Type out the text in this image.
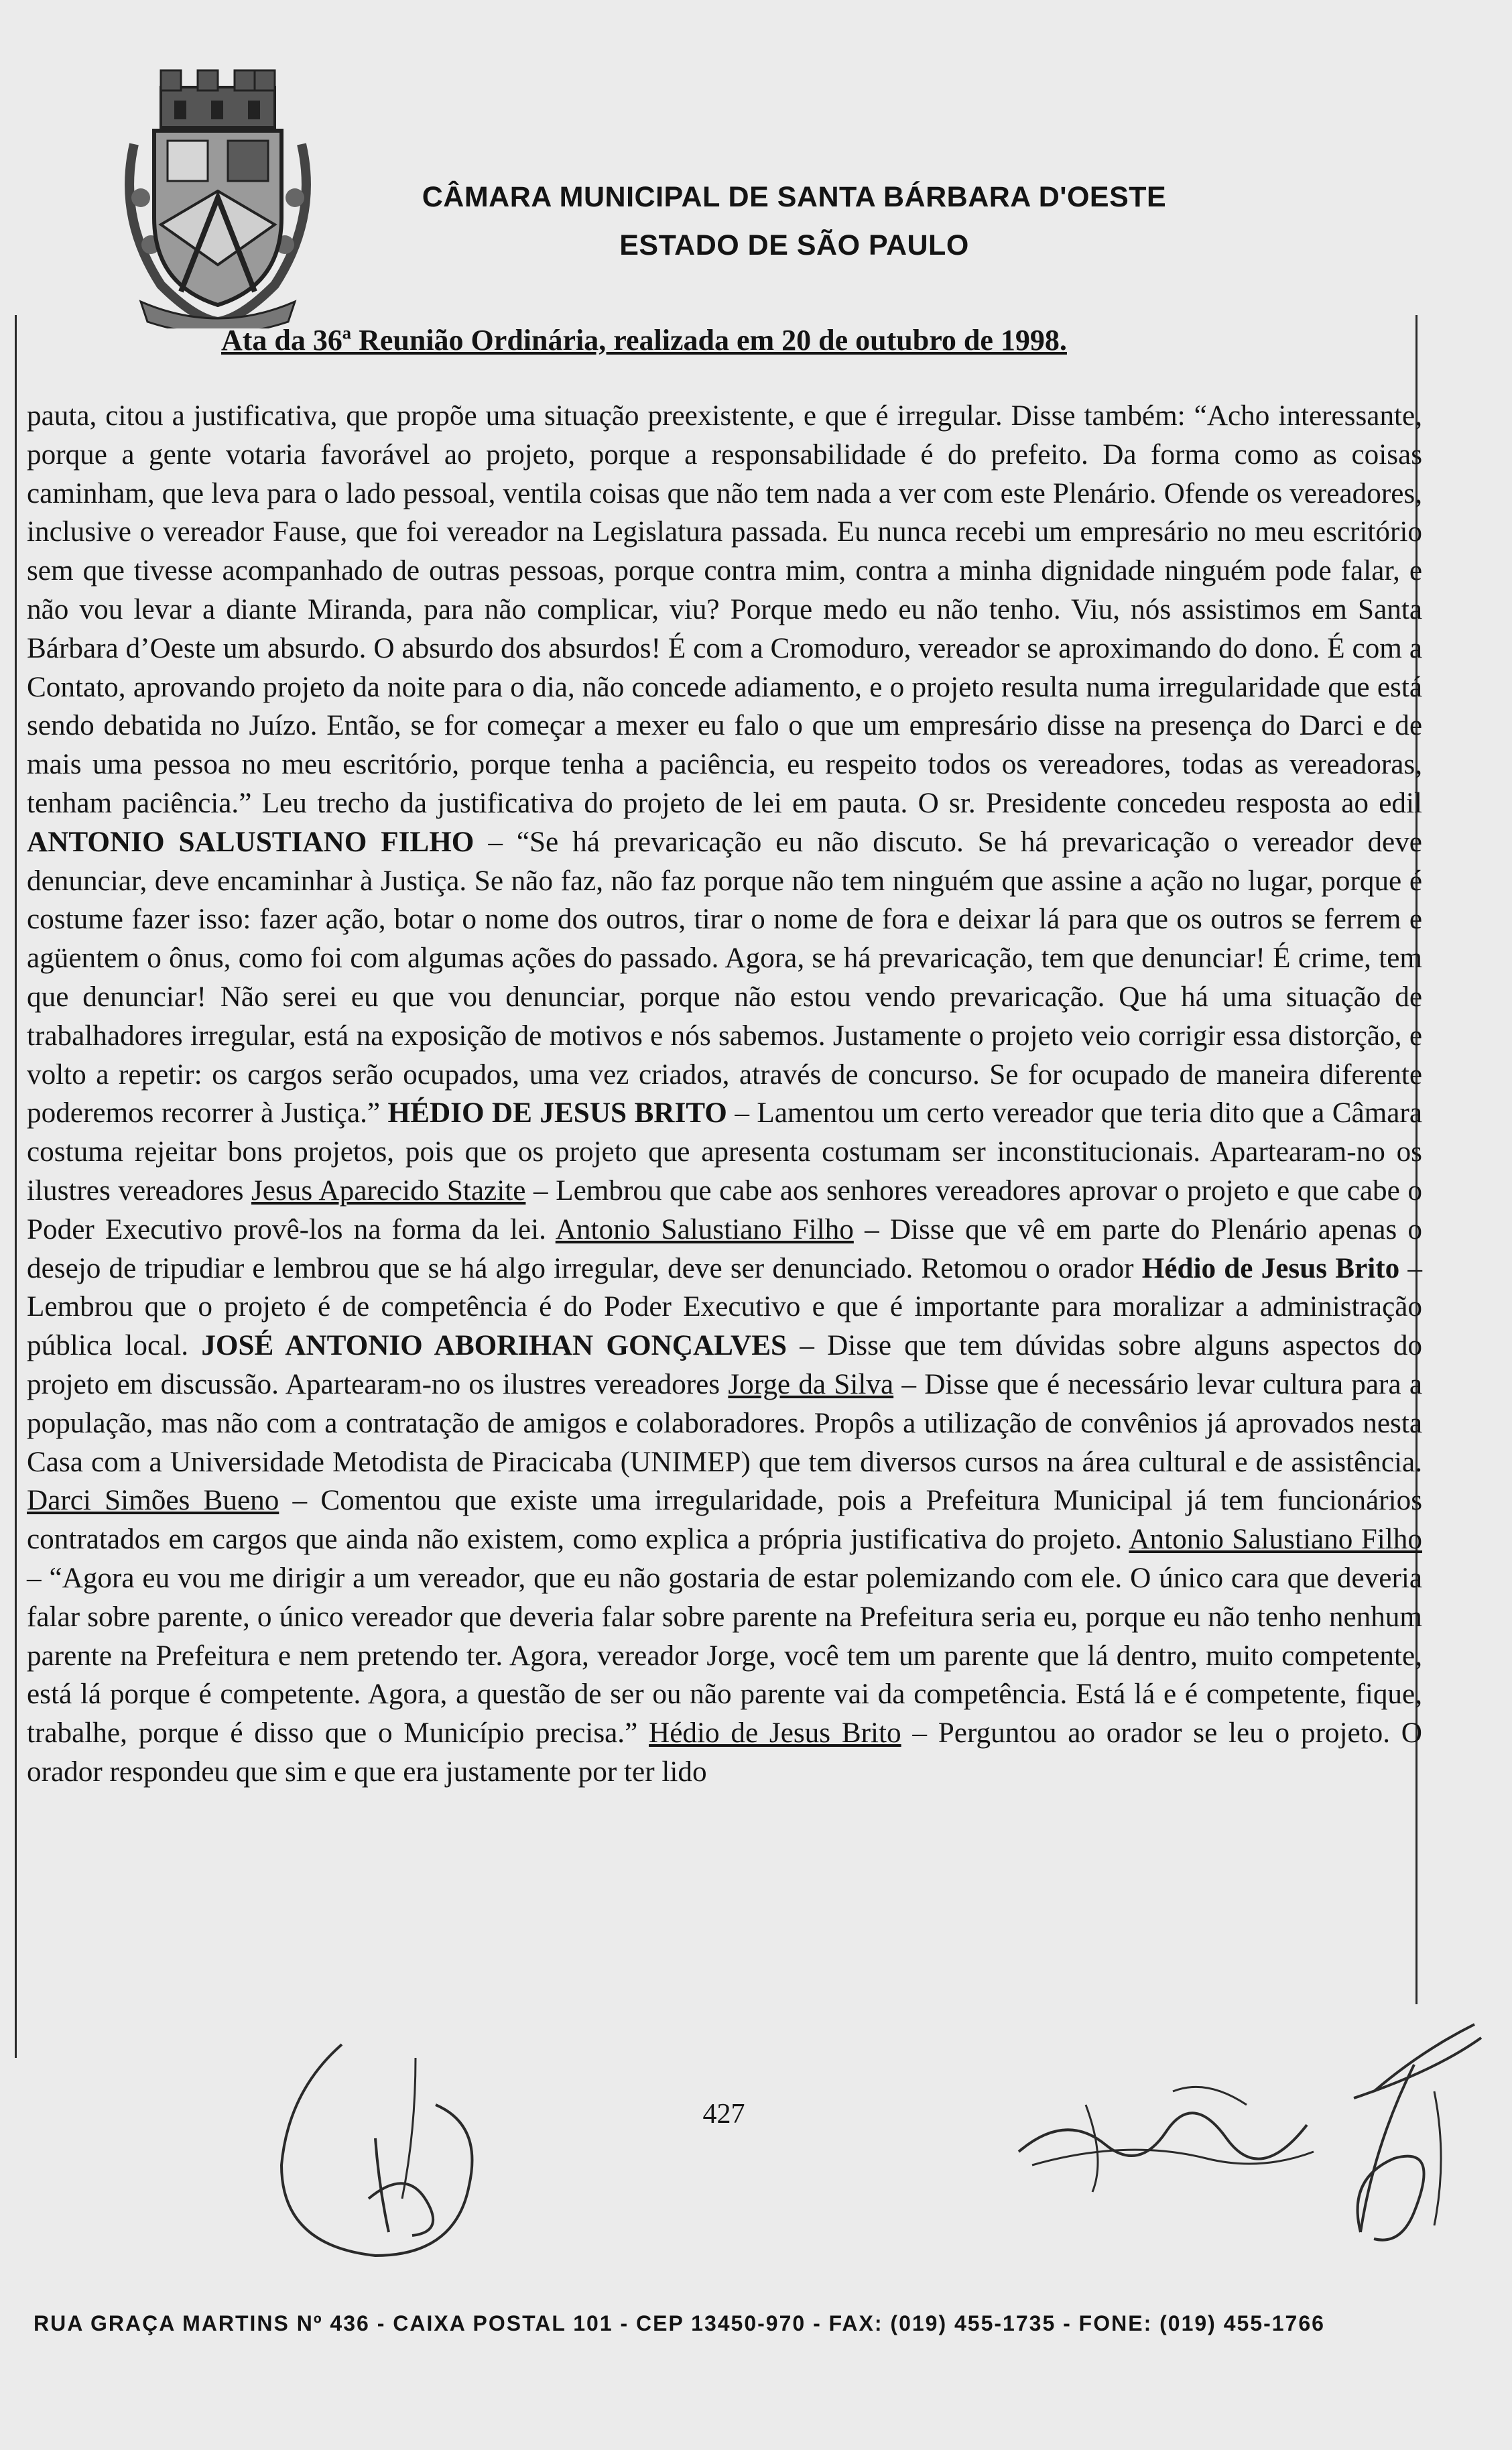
CÂMARA MUNICIPAL DE SANTA BÁRBARA D'OESTE
ESTADO DE SÃO PAULO
Ata da 36ª Reunião Ordinária, realizada em 20 de outubro de 1998.

pauta, citou a justificativa, que propõe uma situação preexistente, e que é irregular. Disse também: “Acho interessante, porque a gente votaria favorável ao projeto, porque a responsabilidade é do prefeito. Da forma como as coisas caminham, que leva para o lado pessoal, ventila coisas que não tem nada a ver com este Plenário. Ofende os vereadores, inclusive o vereador Fause, que foi vereador na Legislatura passada. Eu nunca recebi um empresário no meu escritório sem que tivesse acompanhado de outras pessoas, porque contra mim, contra a minha dignidade ninguém pode falar, e não vou levar a diante Miranda, para não complicar, viu? Porque medo eu não tenho. Viu, nós assistimos em Santa Bárbara d’Oeste um absurdo. O absurdo dos absurdos! É com a Cromoduro, vereador se aproximando do dono. É com a Contato, aprovando projeto da noite para o dia, não concede adiamento, e o projeto resulta numa irregularidade que está sendo debatida no Juízo. Então, se for começar a mexer eu falo o que um empresário disse na presença do Darci e de mais uma pessoa no meu escritório, porque tenha a paciência, eu respeito todos os vereadores, todas as vereadoras, tenham paciência.” Leu trecho da justificativa do projeto de lei em pauta. O sr. Presidente concedeu resposta ao edil ANTONIO SALUSTIANO FILHO – “Se há prevaricação eu não discuto. Se há prevaricação o vereador deve denunciar, deve encaminhar à Justiça. Se não faz, não faz porque não tem ninguém que assine a ação no lugar, porque é costume fazer isso: fazer ação, botar o nome dos outros, tirar o nome de fora e deixar lá para que os outros se ferrem e agüentem o ônus, como foi com algumas ações do passado. Agora, se há prevaricação, tem que denunciar! É crime, tem que denunciar! Não serei eu que vou denunciar, porque não estou vendo prevaricação. Que há uma situação de trabalhadores irregular, está na exposição de motivos e nós sabemos. Justamente o projeto veio corrigir essa distorção, e volto a repetir: os cargos serão ocupados, uma vez criados, através de concurso. Se for ocupado de maneira diferente poderemos recorrer à Justiça.” HÉDIO DE JESUS BRITO – Lamentou um certo vereador que teria dito que a Câmara costuma rejeitar bons projetos, pois que os projeto que apresenta costumam ser inconstitucionais. Apartearam-no os ilustres vereadores Jesus Aparecido Stazite – Lembrou que cabe aos senhores vereadores aprovar o projeto e que cabe o Poder Executivo provê-los na forma da lei. Antonio Salustiano Filho – Disse que vê em parte do Plenário apenas o desejo de tripudiar e lembrou que se há algo irregular, deve ser denunciado. Retomou o orador Hédio de Jesus Brito – Lembrou que o projeto é de competência é do Poder Executivo e que é importante para moralizar a administração pública local. JOSÉ ANTONIO ABORIHAN GONÇALVES – Disse que tem dúvidas sobre alguns aspectos do projeto em discussão. Apartearam-no os ilustres vereadores Jorge da Silva – Disse que é necessário levar cultura para a população, mas não com a contratação de amigos e colaboradores. Propôs a utilização de convênios já aprovados nesta Casa com a Universidade Metodista de Piracicaba (UNIMEP) que tem diversos cursos na área cultural e de assistência. Darci Simões Bueno – Comentou que existe uma irregularidade, pois a Prefeitura Municipal já tem funcionários contratados em cargos que ainda não existem, como explica a própria justificativa do projeto. Antonio Salustiano Filho – “Agora eu vou me dirigir a um vereador, que eu não gostaria de estar polemizando com ele. O único cara que deveria falar sobre parente, o único vereador que deveria falar sobre parente na Prefeitura seria eu, porque eu não tenho nenhum parente na Prefeitura e nem pretendo ter. Agora, vereador Jorge, você tem um parente que lá dentro, muito competente, está lá porque é competente. Agora, a questão de ser ou não parente vai da competência. Está lá e é competente, fique, trabalhe, porque é disso que o Município precisa.” Hédio de Jesus Brito – Perguntou ao orador se leu o projeto. O orador respondeu que sim e que era justamente por ter lido

427
RUA GRAÇA MARTINS Nº 436 - CAIXA POSTAL 101 - CEP 13450-970 - FAX: (019) 455-1735 - FONE: (019) 455-1766
